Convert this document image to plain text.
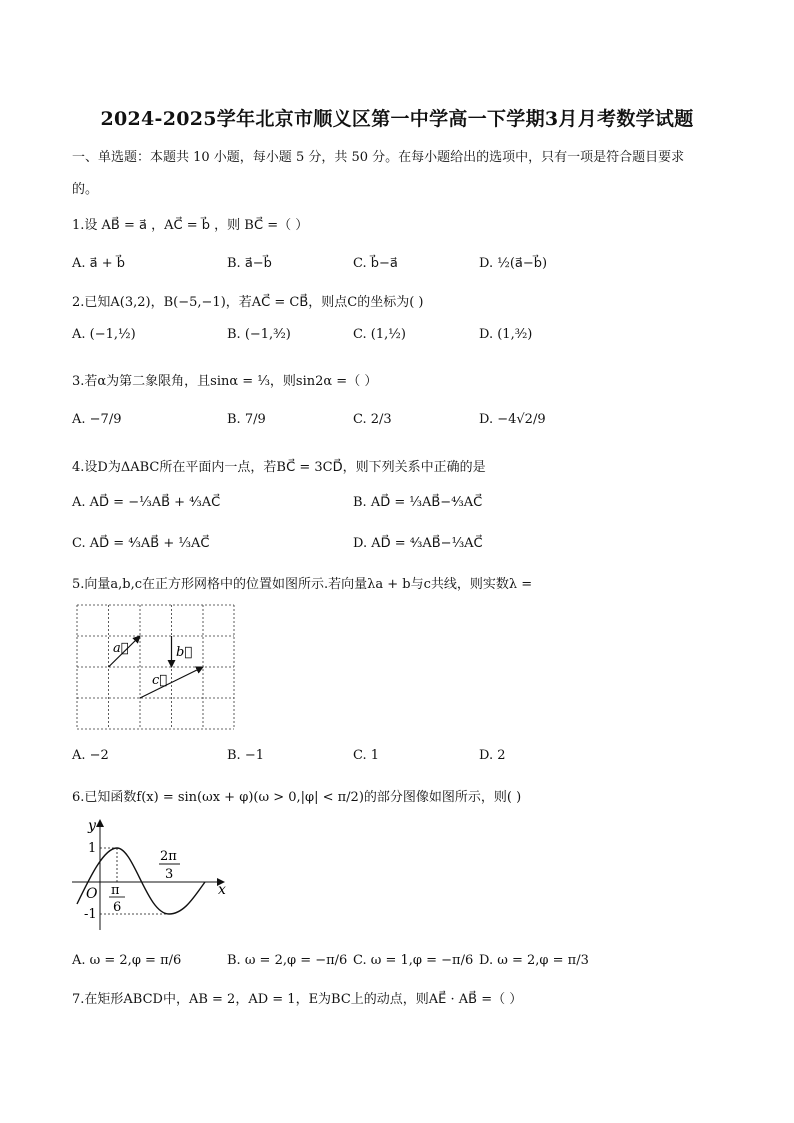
2024-2025学年北京市顺义区第一中学高一下学期3月月考数学试题
一、单选题：本题共 10 小题，每小题 5 分，共 50 分。在每小题给出的选项中，只有一项是符合题目要求
的。
1.设 AB⃗ = a⃗ ，AC⃗ = b⃗ ，则 BC⃗ =（ ）
A. a⃗ + b⃗	B. a⃗−b⃗	C. b⃗−a⃗	D. ½(a⃗−b⃗)
2.已知A(3,2)，B(−5,−1)，若AC⃗ = CB⃗，则点C的坐标为( )
A. (−1,½)	B. (−1,³⁄₂)	C. (1,½)	D. (1,³⁄₂)
3.若α为第二象限角，且sinα = ⅓，则sin2α =（ ）
A. −7/9	B. 7/9	C. 2/3	D. −4√2/9
4.设D为ΔABC所在平面内一点，若BC⃗ = 3CD⃗，则下列关系中正确的是
A. AD⃗ = −⅓AB⃗ + ⁴⁄₃AC⃗	B. AD⃗ = ⅓AB⃗−⁴⁄₃AC⃗
C. AD⃗ = ⁴⁄₃AB⃗ + ⅓AC⃗	D. AD⃗ = ⁴⁄₃AB⃗−⅓AC⃗
5.向量a,b,c在正方形网格中的位置如图所示.若向量λa + b与c共线，则实数λ =
a⃗	b⃗
c⃗
A. −2	B. −1	C. 1	D. 2
6.已知函数f(x) = sin(ωx + φ)(ω > 0,|φ| < π/2)的部分图像如图所示，则( )
y
x
O
1
-1
π
6
2π
3
A. ω = 2,φ = π/6	B. ω = 2,φ = −π/6 C. ω = 1,φ = −π/6 D. ω = 2,φ = π/3
7.在矩形ABCD中，AB = 2，AD = 1，E为BC上的动点，则AE⃗ · AB⃗ =（ ）
